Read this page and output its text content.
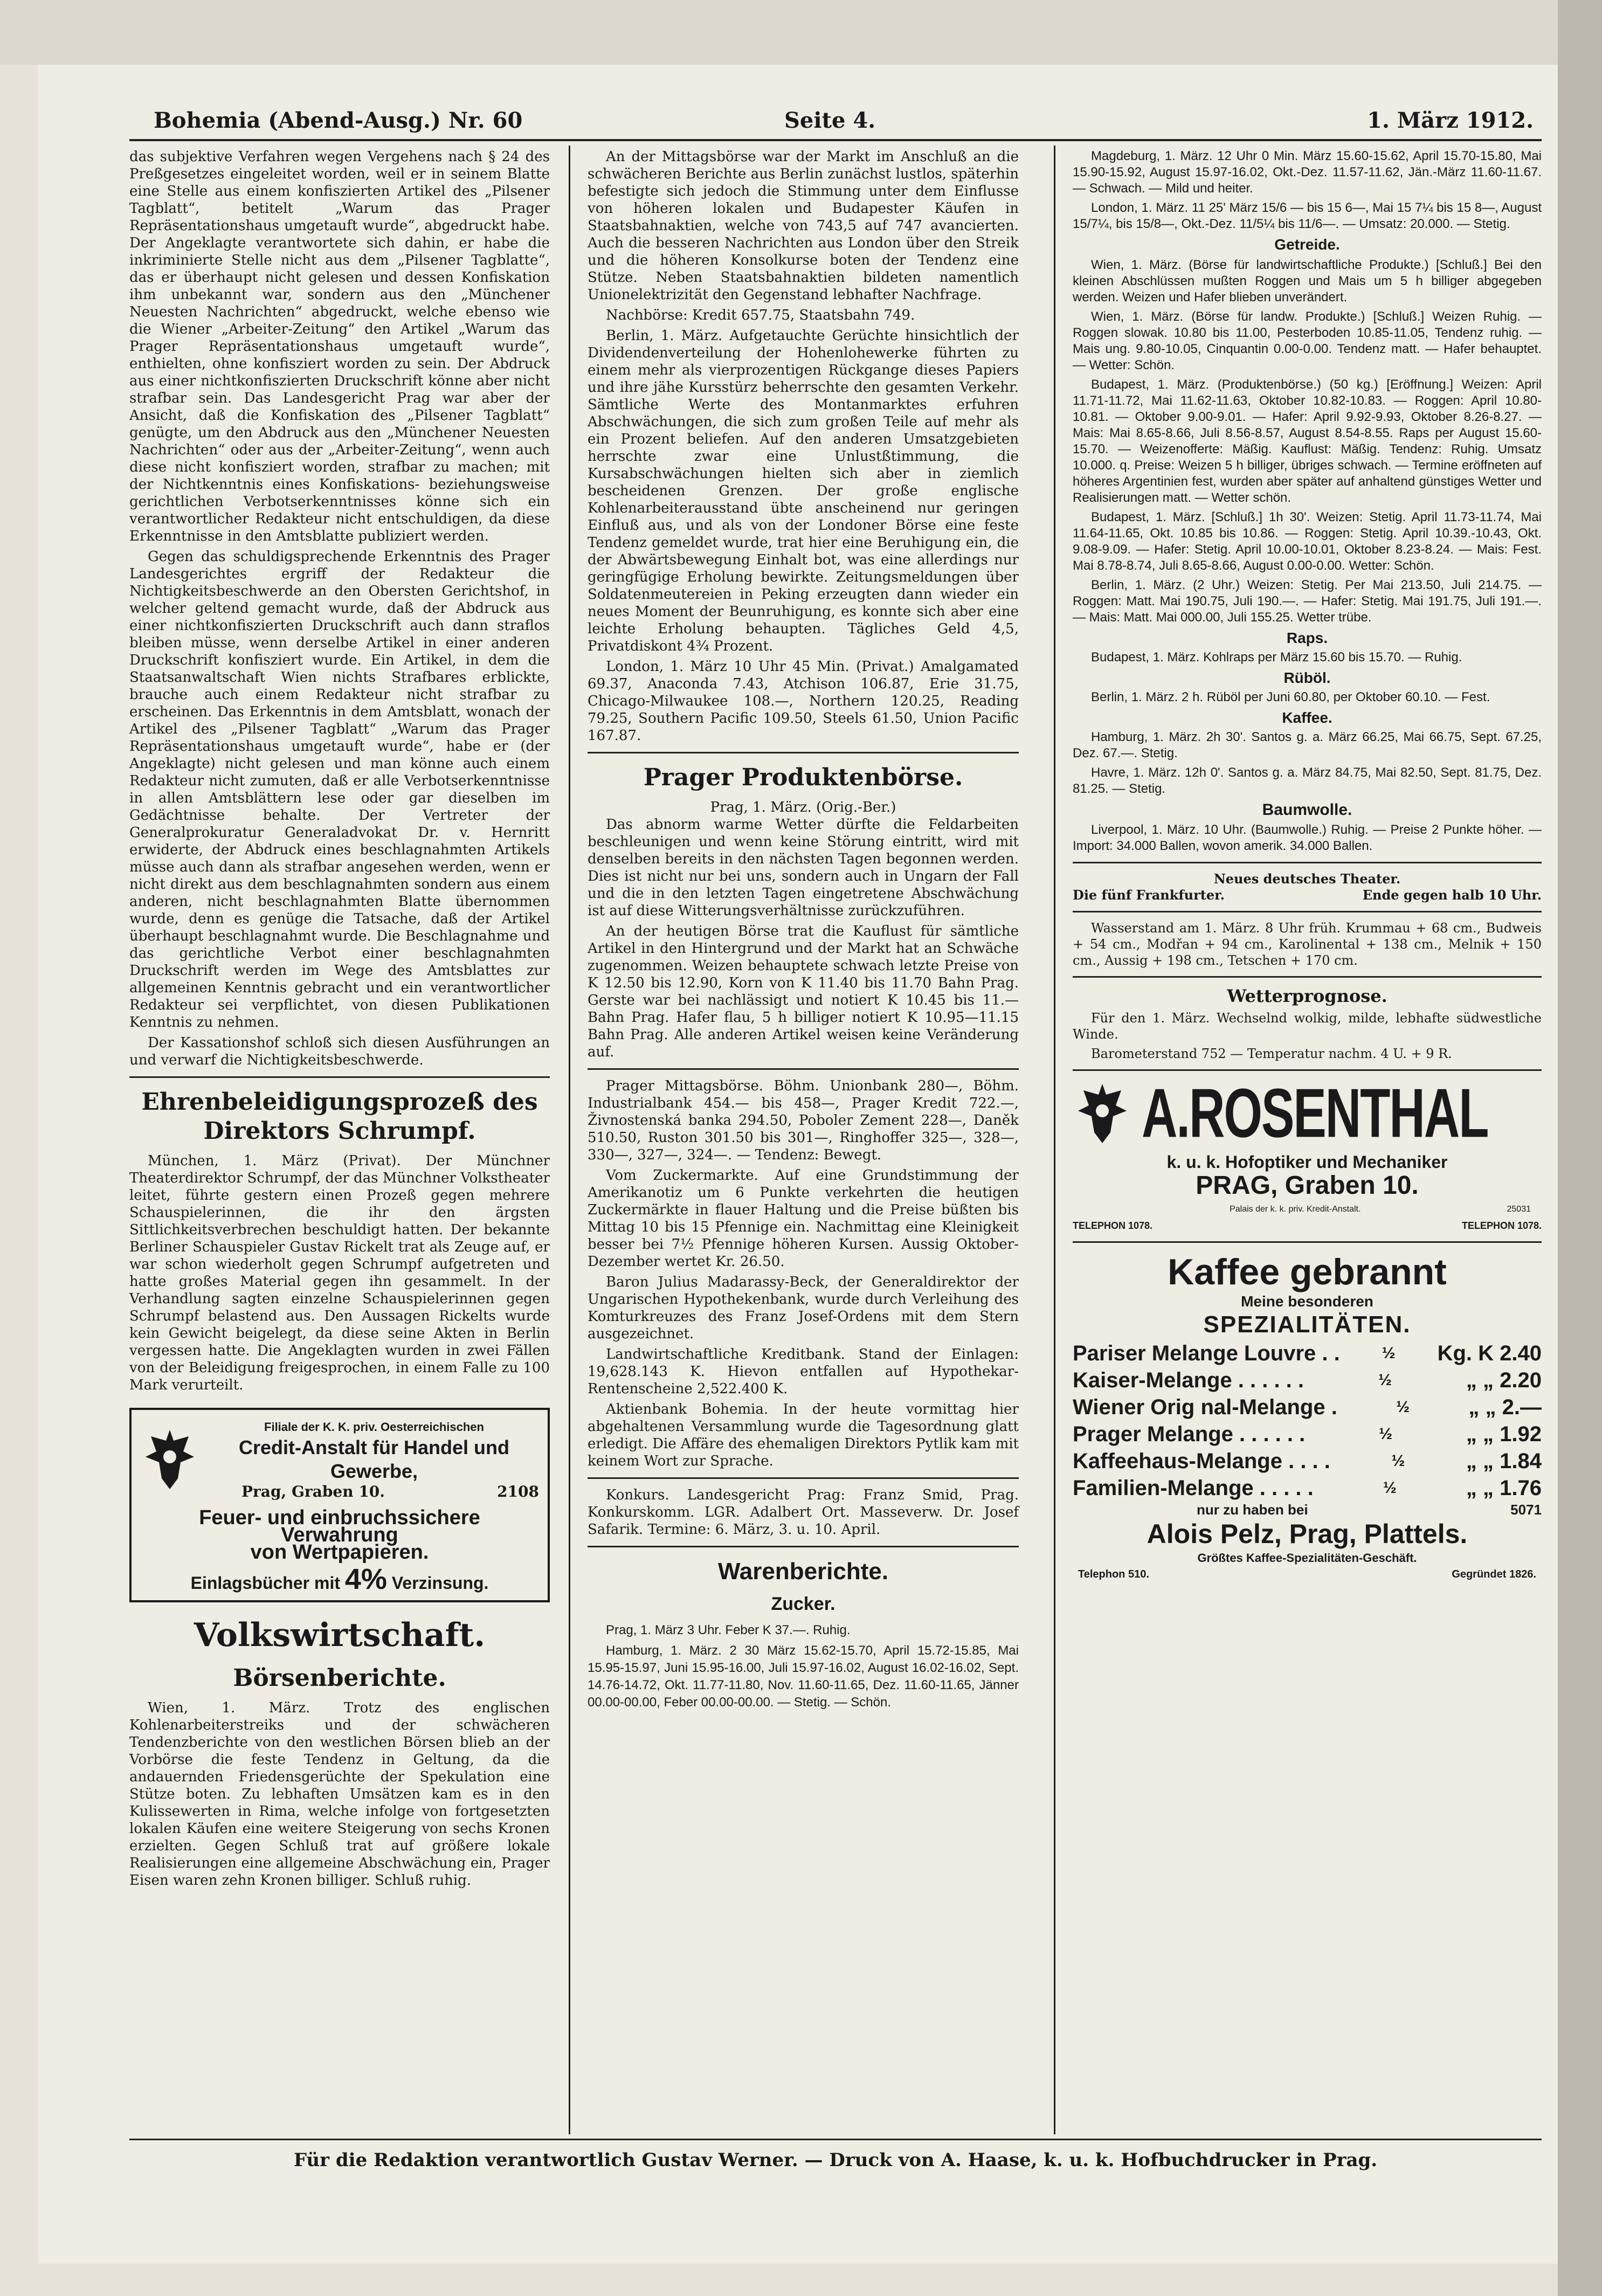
Bohemia (Abend-Ausg.) Nr. 60	Seite 4.	1. März 1912.

das subjektive Verfahren wegen Vergehens nach § 24 des Preßgesetzes eingeleitet worden, weil er in seinem Blatte eine Stelle aus einem konfiszierten Artikel des „Pilsener Tagblatt“, betitelt „Warum das Prager Repräsentationshaus umgetauft wurde“, abgedruckt habe. Der Angeklagte verantwortete sich dahin, er habe die inkriminierte Stelle nicht aus dem „Pilsener Tagblatte“, das er überhaupt nicht gelesen und dessen Konfiskation ihm unbekannt war, sondern aus den „Münchener Neuesten Nachrichten“ abgedruckt, welche ebenso wie die Wiener „Arbeiter-Zeitung“ den Artikel „Warum das Prager Repräsentationshaus umgetauft wurde“, enthielten, ohne konfisziert worden zu sein. Der Abdruck aus einer nichtkonfiszierten Druckschrift könne aber nicht strafbar sein. Das Landesgericht Prag war aber der Ansicht, daß die Konfiskation des „Pilsener Tagblatt“ genügte, um den Abdruck aus den „Münchener Neuesten Nachrichten“ oder aus der „Arbeiter-Zeitung“, wenn auch diese nicht konfisziert worden, strafbar zu machen; mit der Nichtkenntnis eines Konfiskations- beziehungsweise gerichtlichen Verbotserkenntnisses könne sich ein verantwortlicher Redakteur nicht entschuldigen, da diese Erkenntnisse in den Amtsblatte publiziert werden.

Gegen das schuldigsprechende Erkenntnis des Prager Landesgerichtes ergriff der Redakteur die Nichtigkeitsbeschwerde an den Obersten Gerichtshof, in welcher geltend gemacht wurde, daß der Abdruck aus einer nichtkonfiszierten Druckschrift auch dann straflos bleiben müsse, wenn derselbe Artikel in einer anderen Druckschrift konfisziert wurde. Ein Artikel, in dem die Staatsanwaltschaft Wien nichts Strafbares erblickte, brauche auch einem Redakteur nicht strafbar zu erscheinen. Das Erkenntnis in dem Amtsblatt, wonach der Artikel des „Pilsener Tagblatt“ „Warum das Prager Repräsentationshaus umgetauft wurde“, habe er (der Angeklagte) nicht gelesen und man könne auch einem Redakteur nicht zumuten, daß er alle Verbotserkenntnisse in allen Amtsblättern lese oder gar dieselben im Gedächtnisse behalte. Der Vertreter der Generalprokuratur Generaladvokat Dr. v. Hernritt erwiderte, der Abdruck eines beschlagnahmten Artikels müsse auch dann als strafbar angesehen werden, wenn er nicht direkt aus dem beschlagnahmten sondern aus einem anderen, nicht beschlagnahmten Blatte übernommen wurde, denn es genüge die Tatsache, daß der Artikel überhaupt beschlagnahmt wurde. Die Beschlagnahme und das gerichtliche Verbot einer beschlagnahmten Druckschrift werden im Wege des Amtsblattes zur allgemeinen Kenntnis gebracht und ein verantwortlicher Redakteur sei verpflichtet, von diesen Publikationen Kenntnis zu nehmen.

Der Kassationshof schloß sich diesen Ausführungen an und verwarf die Nichtigkeitsbeschwerde.

Ehrenbeleidigungsprozeß des Direktors Schrumpf.

München, 1. März (Privat). Der Münchner Theaterdirektor Schrumpf, der das Münchner Volkstheater leitet, führte gestern einen Prozeß gegen mehrere Schauspielerinnen, die ihr den ärgsten Sittlichkeitsverbrechen beschuldigt hatten. Der bekannte Berliner Schauspieler Gustav Rickelt trat als Zeuge auf, er war schon wiederholt gegen Schrumpf aufgetreten und hatte großes Material gegen ihn gesammelt. In der Verhandlung sagten einzelne Schauspielerinnen gegen Schrumpf belastend aus. Den Aussagen Rickelts wurde kein Gewicht beigelegt, da diese seine Akten in Berlin vergessen hatte. Die Angeklagten wurden in zwei Fällen von der Beleidigung freigesprochen, in einem Falle zu 100 Mark verurteilt.

Filiale der K. K. priv. Oesterreichischen
Credit-Anstalt für Handel und Gewerbe,
Prag, Graben 10.	2108
Feuer- und einbruchssichere Verwahrung
von Wertpapieren.
Einlagsbücher mit 4% Verzinsung.
Volkswirtschaft.
Börsenberichte.

Wien, 1. März. Trotz des englischen Kohlenarbeiterstreiks und der schwächeren Tendenzberichte von den westlichen Börsen blieb an der Vorbörse die feste Tendenz in Geltung, da die andauernden Friedensgerüchte der Spekulation eine Stütze boten. Zu lebhaften Umsätzen kam es in den Kulissewerten in Rima, welche infolge von fortgesetzten lokalen Käufen eine weitere Steigerung von sechs Kronen erzielten. Gegen Schluß trat auf größere lokale Realisierungen eine allgemeine Abschwächung ein, Prager Eisen waren zehn Kronen billiger. Schluß ruhig.

An der Mittagsbörse war der Markt im Anschluß an die schwächeren Berichte aus Berlin zunächst lustlos, späterhin befestigte sich jedoch die Stimmung unter dem Einflusse von höheren lokalen und Budapester Käufen in Staatsbahnaktien, welche von 743,5 auf 747 avancierten. Auch die besseren Nachrichten aus London über den Streik und die höheren Konsolkurse boten der Tendenz eine Stütze. Neben Staatsbahnaktien bildeten namentlich Unionelektrizität den Gegenstand lebhafter Nachfrage.

Nachbörse: Kredit 657.75, Staatsbahn 749.

Berlin, 1. März. Aufgetauchte Gerüchte hinsichtlich der Dividendenverteilung der Hohenlohewerke führten zu einem mehr als vierprozentigen Rückgange dieses Papiers und ihre jähe Kursstürz beherrschte den gesamten Verkehr. Sämtliche Werte des Montanmarktes erfuhren Abschwächungen, die sich zum großen Teile auf mehr als ein Prozent beliefen. Auf den anderen Umsatzgebieten herrschte zwar eine Unlustßtimmung, die Kursabschwächungen hielten sich aber in ziemlich bescheidenen Grenzen. Der große englische Kohlenarbeiterausstand übte anscheinend nur geringen Einfluß aus, und als von der Londoner Börse eine feste Tendenz gemeldet wurde, trat hier eine Beruhigung ein, die der Abwärtsbewegung Einhalt bot, was eine allerdings nur geringfügige Erholung bewirkte. Zeitungsmeldungen über Soldatenmeutereien in Peking erzeugten dann wieder ein neues Moment der Beunruhigung, es konnte sich aber eine leichte Erholung behaupten. Tägliches Geld 4,5, Privatdiskont 4¾ Prozent.

London, 1. März 10 Uhr 45 Min. (Privat.) Amalgamated 69.37, Anaconda 7.43, Atchison 106.87, Erie 31.75, Chicago-Milwaukee 108.—, Northern 120.25, Reading 79.25, Southern Pacific 109.50, Steels 61.50, Union Pacific 167.87.

Prager Produktenbörse.
Prag, 1. März. (Orig.-Ber.)

Das abnorm warme Wetter dürfte die Feldarbeiten beschleunigen und wenn keine Störung eintritt, wird mit denselben bereits in den nächsten Tagen begonnen werden. Dies ist nicht nur bei uns, sondern auch in Ungarn der Fall und die in den letzten Tagen eingetretene Abschwächung ist auf diese Witterungsverhältnisse zurückzuführen.

An der heutigen Börse trat die Kauflust für sämtliche Artikel in den Hintergrund und der Markt hat an Schwäche zugenommen. Weizen behauptete schwach letzte Preise von K 12.50 bis 12.90, Korn von K 11.40 bis 11.70 Bahn Prag. Gerste war bei nachlässigt und notiert K 10.45 bis 11.— Bahn Prag. Hafer flau, 5 h billiger notiert K 10.95—11.15 Bahn Prag. Alle anderen Artikel weisen keine Veränderung auf.

Prager Mittagsbörse. Böhm. Unionbank 280—, Böhm. Industrialbank 454.— bis 458—, Prager Kredit 722.—, Živnostenská banka 294.50, Poboler Zement 228—, Daněk 510.50, Ruston 301.50 bis 301—, Ringhoffer 325—, 328—, 330—, 327—, 324—. — Tendenz: Bewegt.

Vom Zuckermarkte. Auf eine Grundstimmung der Amerikanotiz um 6 Punkte verkehrten die heutigen Zuckermärkte in flauer Haltung und die Preise büßten bis Mittag 10 bis 15 Pfennige ein. Nachmittag eine Kleinigkeit besser bei 7½ Pfennige höheren Kursen. Aussig Oktober-Dezember wertet Kr. 26.50.

Baron Julius Madarassy-Beck, der Generaldirektor der Ungarischen Hypothekenbank, wurde durch Verleihung des Komturkreuzes des Franz Josef-Ordens mit dem Stern ausgezeichnet.

Landwirtschaftliche Kreditbank. Stand der Einlagen: 19,628.143 K. Hievon entfallen auf Hypothekar-Rentenscheine 2,522.400 K.

Aktienbank Bohemia. In der heute vormittag hier abgehaltenen Versammlung wurde die Tagesordnung glatt erledigt. Die Affäre des ehemaligen Direktors Pytlik kam mit keinem Wort zur Sprache.

Konkurs. Landesgericht Prag: Franz Smid, Prag. Konkurskomm. LGR. Adalbert Ort. Masseverw. Dr. Josef Safarik. Termine: 6. März, 3. u. 10. April.

Warenberichte.
Zucker.

Prag, 1. März 3 Uhr. Feber K 37.—. Ruhig.

Hamburg, 1. März. 2 30 März 15.62-15.70, April 15.72-15.85, Mai 15.95-15.97, Juni 15.95-16.00, Juli 15.97-16.02, August 16.02-16.02, Sept. 14.76-14.72, Okt. 11.77-11.80, Nov. 11.60-11.65, Dez. 11.60-11.65, Jänner 00.00-00.00, Feber 00.00-00.00. — Stetig. — Schön.

Magdeburg, 1. März. 12 Uhr 0 Min. März 15.60-15.62, April 15.70-15.80, Mai 15.90-15.92, August 15.97-16.02, Okt.-Dez. 11.57-11.62, Jän.-März 11.60-11.67. — Schwach. — Mild und heiter.

London, 1. März. 11 25' März 15/6 — bis 15 6—, Mai 15 7¼ bis 15 8—, August 15/7¼, bis 15/8—, Okt.-Dez. 11/5¼ bis 11/6—. — Umsatz: 20.000. — Stetig.

Getreide.

Wien, 1. März. (Börse für landwirtschaftliche Produkte.) [Schluß.] Bei den kleinen Abschlüssen mußten Roggen und Mais um 5 h billiger abgegeben werden. Weizen und Hafer blieben unverändert.

Wien, 1. März. (Börse für landw. Produkte.) [Schluß.] Weizen Ruhig. — Roggen slowak. 10.80 bis 11.00, Pesterboden 10.85-11.05, Tendenz ruhig. — Mais ung. 9.80-10.05, Cinquantin 0.00-0.00. Tendenz matt. — Hafer behauptet. — Wetter: Schön.

Budapest, 1. März. (Produktenbörse.) (50 kg.) [Eröffnung.] Weizen: April 11.71-11.72, Mai 11.62-11.63, Oktober 10.82-10.83. — Roggen: April 10.80-10.81. — Oktober 9.00-9.01. — Hafer: April 9.92-9.93, Oktober 8.26-8.27. — Mais: Mai 8.65-8.66, Juli 8.56-8.57, August 8.54-8.55. Raps per August 15.60-15.70. — Weizenofferte: Mäßig. Kauflust: Mäßig. Tendenz: Ruhig. Umsatz 10.000. q. Preise: Weizen 5 h billiger, übriges schwach. — Termine eröffneten auf höheres Argentinien fest, wurden aber später auf anhaltend günstiges Wetter und Realisierungen matt. — Wetter schön.

Budapest, 1. März. [Schluß.] 1h 30'. Weizen: Stetig. April 11.73-11.74, Mai 11.64-11.65, Okt. 10.85 bis 10.86. — Roggen: Stetig. April 10.39.-10.43, Okt. 9.08-9.09. — Hafer: Stetig. April 10.00-10.01, Oktober 8.23-8.24. — Mais: Fest. Mai 8.78-8.74, Juli 8.65-8.66, August 0.00-0.00. Wetter: Schön.

Berlin, 1. März. (2 Uhr.) Weizen: Stetig. Per Mai 213.50, Juli 214.75. — Roggen: Matt. Mai 190.75, Juli 190.—. — Hafer: Stetig. Mai 191.75, Juli 191.—. — Mais: Matt. Mai 000.00, Juli 155.25. Wetter trübe.

Raps.

Budapest, 1. März. Kohlraps per März 15.60 bis 15.70. — Ruhig.

Rüböl.

Berlin, 1. März. 2 h. Rüböl per Juni 60.80, per Oktober 60.10. — Fest.

Kaffee.

Hamburg, 1. März. 2h 30'. Santos g. a. März 66.25, Mai 66.75, Sept. 67.25, Dez. 67.—. Stetig.

Havre, 1. März. 12h 0'. Santos g. a. März 84.75, Mai 82.50, Sept. 81.75, Dez. 81.25. — Stetig.

Baumwolle.

Liverpool, 1. März. 10 Uhr. (Baumwolle.) Ruhig. — Preise 2 Punkte höher. — Import: 34.000 Ballen, wovon amerik. 34.000 Ballen.

Neues deutsches Theater.
Die fünf Frankfurter.	Ende gegen halb 10 Uhr.

Wasserstand am 1. März. 8 Uhr früh. Krummau + 68 cm., Budweis + 54 cm., Modřan + 94 cm., Karolinental + 138 cm., Melnik + 150 cm., Aussig + 198 cm., Tetschen + 170 cm.

Wetterprognose.

Für den 1. März. Wechselnd wolkig, milde, lebhafte südwestliche Winde.

Barometerstand 752 — Temperatur nachm. 4 U. + 9 R.

A.ROSENTHAL
k. u. k. Hofoptiker und Mechaniker
PRAG, Graben 10.
Palais der k. k. priv. Kredit-Anstalt.	25031
TELEPHON 1078.	TELEPHON 1078.
Kaffee gebrannt
Meine besonderen
SPEZIALITÄTEN.
Pariser Melange Louvre . .	½ Kg. K 2.40
Kaiser-Melange . . . . . .	½	„ „ 2.20
Wiener Orig nal-Melange .	½	„ „ 2.—
Prager Melange . . . . . .	½	„ „ 1.92
Kaffeehaus-Melange . . . .	½	„ „ 1.84
Familien-Melange . . . . .	½	„ „ 1.76
nur zu haben bei	5071
Alois Pelz, Prag, Plattels.
Größtes Kaffee-Spezialitäten-Geschäft.
Telephon 510.	Gegründet 1826.
Für die Redaktion verantwortlich Gustav Werner. — Druck von A. Haase, k. u. k. Hofbuchdrucker in Prag.
